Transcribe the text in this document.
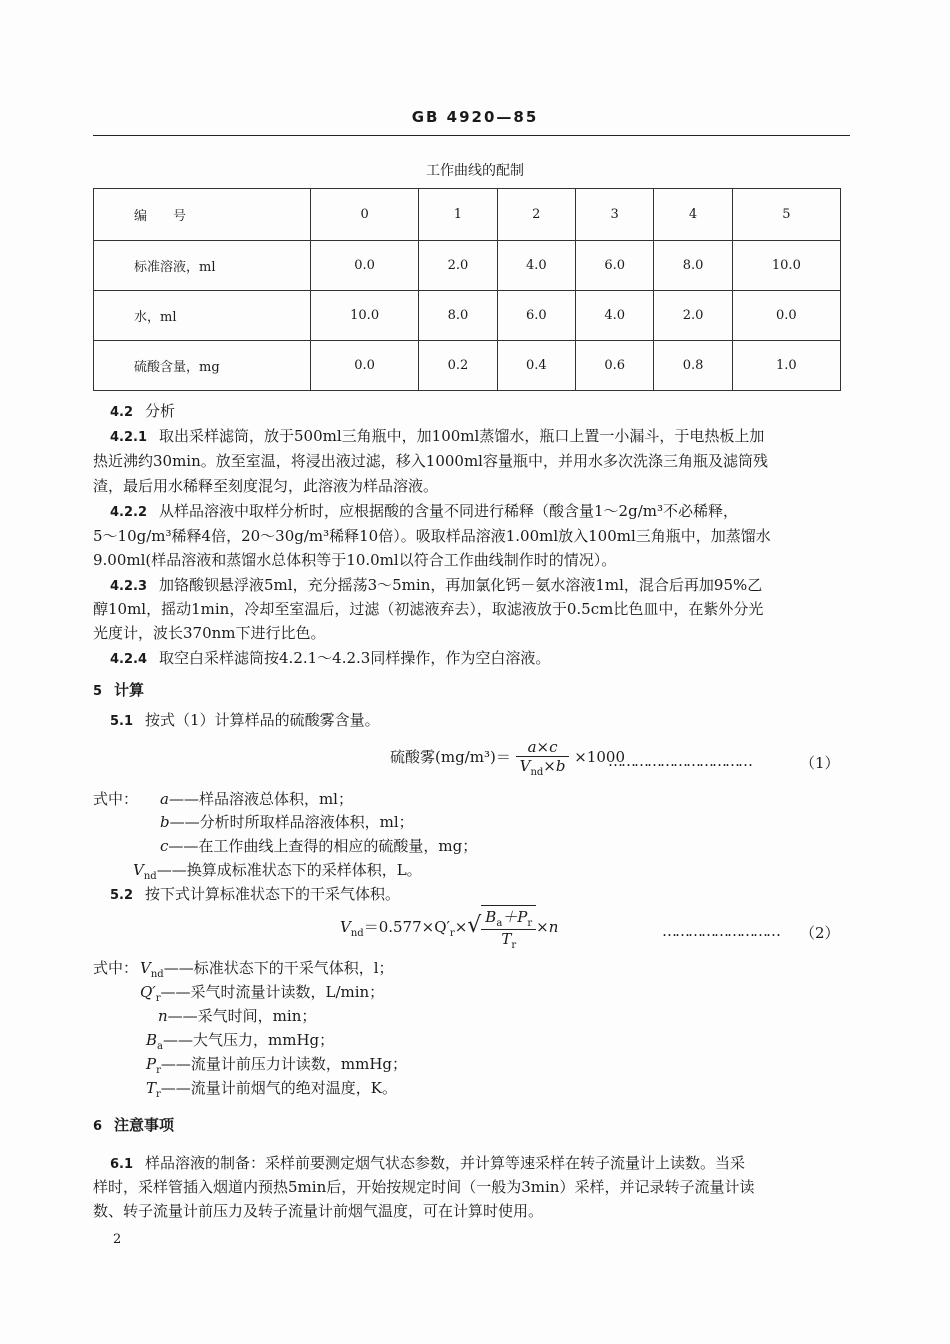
GB 4920—85
工作曲线的配制
编　　号	0	1	2	3	4	5
标准溶液，ml	0.0	2.0	4.0	6.0	8.0	10.0
水，ml	10.0	8.0	6.0	4.0	2.0	0.0
硫酸含量，mg	0.0	0.2	0.4	0.6	0.8	1.0
4.2 分析
4.2.1 取出采样滤筒，放于500ml三角瓶中，加100ml蒸馏水，瓶口上置一小漏斗，于电热板上加
热近沸约30min。放至室温，将浸出液过滤，移入1000ml容量瓶中，并用水多次洗涤三角瓶及滤筒残
渣，最后用水稀释至刻度混匀，此溶液为样品溶液。
4.2.2 从样品溶液中取样分析时，应根据酸的含量不同进行稀释（酸含量1～2g/m³不必稀释，
5～10g/m³稀释4倍，20～30g/m³稀释10倍）。吸取样品溶液1.00ml放入100ml三角瓶中，加蒸馏水
9.00ml(样品溶液和蒸馏水总体积等于10.0ml以符合工作曲线制作时的情况）。
4.2.3 加铬酸钡悬浮液5ml，充分摇荡3～5min，再加氯化钙－氨水溶液1ml，混合后再加95%乙
醇10ml，摇动1min，冷却至室温后，过滤（初滤液弃去），取滤液放于0.5cm比色皿中，在紫外分光
光度计，波长370nm下进行比色。
4.2.4 取空白采样滤筒按4.2.1～4.2.3同样操作，作为空白溶液。
5 计算
5.1 按式（1）计算样品的硫酸雾含量。
硫酸雾$(mg/m^3)= \frac{a\times c}{V_{nd}\times b} \times 1000$
……………………………	（1）
式中： a——样品溶液总体积，ml；
b——分析时所取样品溶液体积，ml；
c——在工作曲线上查得的相应的硫酸量，mg；
$V_{nd}——$换算成标准状态下的采样体积，L。
5.2 按下式计算标准状态下的干采气体积。
$V_{nd}=0.577\times Q'_r\times√ \frac{B_a+P_r}{T_r} \times n$	……………………… （2）
式中： $V_{nd}——$标准状态下的干采气体积，l；
$Q'_r——$采气时流量计读数，L/min；
n——采气时间，min；
$B_a——$大气压力，mmHg；
$P_r——$流量计前压力计读数，mmHg；
$T_r——$流量计前烟气的绝对温度，K。
6 注意事项
6.1 样品溶液的制备：采样前要测定烟气状态参数，并计算等速采样在转子流量计上读数。当采
样时，采样管插入烟道内预热5min后，开始按规定时间（一般为3min）采样，并记录转子流量计读
数、转子流量计前压力及转子流量计前烟气温度，可在计算时使用。
2
